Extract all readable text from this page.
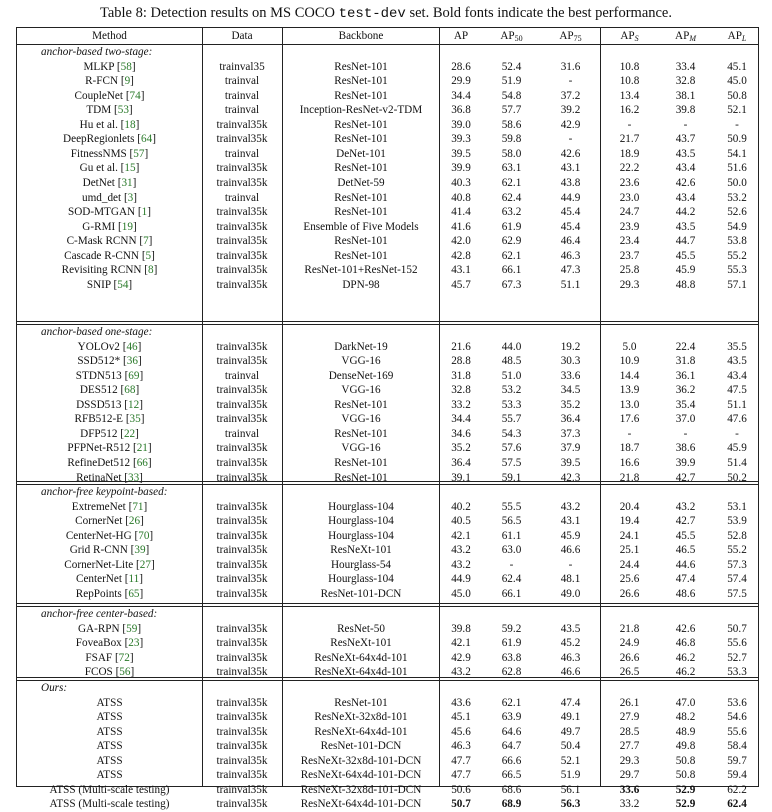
Table 8: Detection results on MS COCO test-dev set. Bold fonts indicate the best performance.
Method	Data	Backbone	AP	$AP_{50}$	$AP_{75}$	$AP_S$	$AP_M$	$AP_L$
anchor-based two-stage:
MLKP [58]	trainval35	ResNet-101	28.6	52.4	31.6	10.8	33.4	45.1
R-FCN [9]	trainval	ResNet-101	29.9	51.9	-	10.8	32.8	45.0
CoupleNet [74]	trainval	ResNet-101	34.4	54.8	37.2	13.4	38.1	50.8
TDM [53]	trainval	Inception-ResNet-v2-TDM	36.8	57.7	39.2	16.2	39.8	52.1
Hu et al. [18]	trainval35k	ResNet-101	39.0	58.6	42.9	-	-	-
DeepRegionlets [64]	trainval35k	ResNet-101	39.3	59.8	-	21.7	43.7	50.9
FitnessNMS [57]	trainval	DeNet-101	39.5	58.0	42.6	18.9	43.5	54.1
Gu et al. [15]	trainval35k	ResNet-101	39.9	63.1	43.1	22.2	43.4	51.6
DetNet [31]	trainval35k	DetNet-59	40.3	62.1	43.8	23.6	42.6	50.0
umd_det [3]	trainval	ResNet-101	40.8	62.4	44.9	23.0	43.4	53.2
SOD-MTGAN [1]	trainval35k	ResNet-101	41.4	63.2	45.4	24.7	44.2	52.6
G-RMI [19]	trainval35k	Ensemble of Five Models	41.6	61.9	45.4	23.9	43.5	54.9
C-Mask RCNN [7]	trainval35k	ResNet-101	42.0	62.9	46.4	23.4	44.7	53.8
Cascade R-CNN [5]	trainval35k	ResNet-101	42.8	62.1	46.3	23.7	45.5	55.2
Revisiting RCNN [8]	trainval35k	ResNet-101+ResNet-152	43.1	66.1	47.3	25.8	45.9	55.3
SNIP [54]	trainval35k	DPN-98	45.7	67.3	51.1	29.3	48.8	57.1
anchor-based one-stage:
YOLOv2 [46]	trainval35k	DarkNet-19	21.6	44.0	19.2	5.0	22.4	35.5
SSD512* [36]	trainval35k	VGG-16	28.8	48.5	30.3	10.9	31.8	43.5
STDN513 [69]	trainval	DenseNet-169	31.8	51.0	33.6	14.4	36.1	43.4
DES512 [68]	trainval35k	VGG-16	32.8	53.2	34.5	13.9	36.2	47.5
DSSD513 [12]	trainval35k	ResNet-101	33.2	53.3	35.2	13.0	35.4	51.1
RFB512-E [35]	trainval35k	VGG-16	34.4	55.7	36.4	17.6	37.0	47.6
DFP512 [22]	trainval	ResNet-101	34.6	54.3	37.3	-	-	-
PFPNet-R512 [21]	trainval35k	VGG-16	35.2	57.6	37.9	18.7	38.6	45.9
RefineDet512 [66]	trainval35k	ResNet-101	36.4	57.5	39.5	16.6	39.9	51.4
RetinaNet [33]	trainval35k	ResNet-101	39.1	59.1	42.3	21.8	42.7	50.2
anchor-free keypoint-based:
ExtremeNet [71]	trainval35k	Hourglass-104	40.2	55.5	43.2	20.4	43.2	53.1
CornerNet [26]	trainval35k	Hourglass-104	40.5	56.5	43.1	19.4	42.7	53.9
CenterNet-HG [70]	trainval35k	Hourglass-104	42.1	61.1	45.9	24.1	45.5	52.8
Grid R-CNN [39]	trainval35k	ResNeXt-101	43.2	63.0	46.6	25.1	46.5	55.2
CornerNet-Lite [27]	trainval35k	Hourglass-54	43.2	-	-	24.4	44.6	57.3
CenterNet [11]	trainval35k	Hourglass-104	44.9	62.4	48.1	25.6	47.4	57.4
RepPoints [65]	trainval35k	ResNet-101-DCN	45.0	66.1	49.0	26.6	48.6	57.5
anchor-free center-based:
GA-RPN [59]	trainval35k	ResNet-50	39.8	59.2	43.5	21.8	42.6	50.7
FoveaBox [23]	trainval35k	ResNeXt-101	42.1	61.9	45.2	24.9	46.8	55.6
FSAF [72]	trainval35k	ResNeXt-64x4d-101	42.9	63.8	46.3	26.6	46.2	52.7
FCOS [56]	trainval35k	ResNeXt-64x4d-101	43.2	62.8	46.6	26.5	46.2	53.3
Ours:
ATSS	trainval35k	ResNet-101	43.6	62.1	47.4	26.1	47.0	53.6
ATSS	trainval35k	ResNeXt-32x8d-101	45.1	63.9	49.1	27.9	48.2	54.6
ATSS	trainval35k	ResNeXt-64x4d-101	45.6	64.6	49.7	28.5	48.9	55.6
ATSS	trainval35k	ResNet-101-DCN	46.3	64.7	50.4	27.7	49.8	58.4
ATSS	trainval35k	ResNeXt-32x8d-101-DCN	47.7	66.6	52.1	29.3	50.8	59.7
ATSS	trainval35k	ResNeXt-64x4d-101-DCN	47.7	66.5	51.9	29.7	50.8	59.4
ATSS (Multi-scale testing)	trainval35k	ResNeXt-32x8d-101-DCN	50.6	68.6	56.1	33.6	52.9	62.2
ATSS (Multi-scale testing)	trainval35k	ResNeXt-64x4d-101-DCN	50.7	68.9	56.3	33.2	52.9	62.4
